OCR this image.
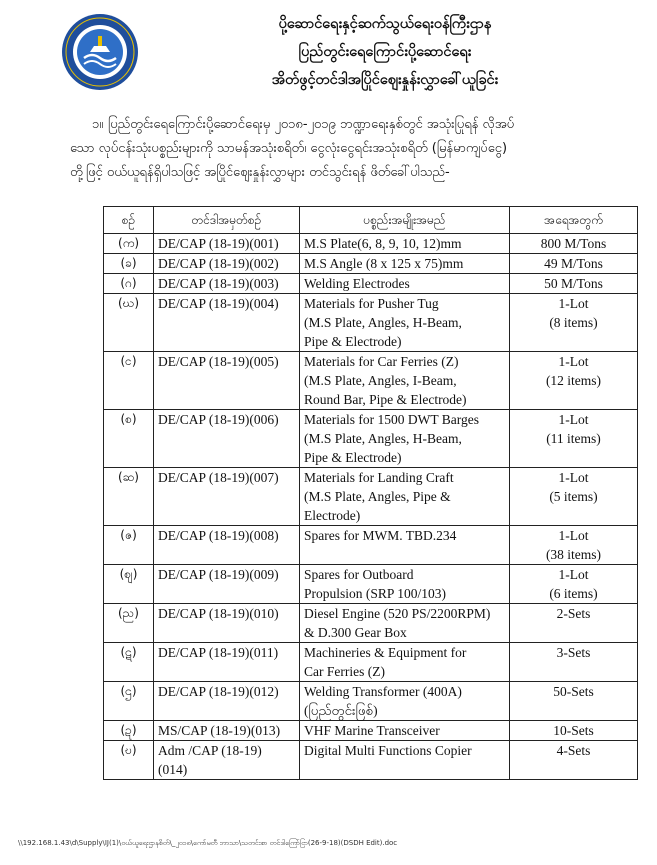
ပို့ဆောင်ရေးနှင့်ဆက်သွယ်ရေးဝန်ကြီးဌာန
ပြည်တွင်းရေကြောင်းပို့ဆောင်ရေး
အိတ်ဖွင့်တင်ဒါအပြိုင်ဈေးနှုန်းလွှာခေါ်ယူခြင်း
၁။ ပြည်တွင်းရေကြောင်းပို့ဆောင်ရေးမှ ၂၀၁၈-၂၀၁၉ ဘဏ္ဍာရေးနှစ်တွင် အသုံးပြုရန် လိုအပ်
သော လုပ်ငန်းသုံးပစ္စည်းများကို သာမန်အသုံးစရိတ်၊ ငွေလုံးငွေရင်းအသုံးစရိတ် (မြန်မာကျပ်ငွေ)
တို့ဖြင့် ဝယ်ယူရန်ရှိပါသဖြင့် အပြိုင်ဈေးနှုန်းလွှာများ တင်သွင်းရန် ဖိတ်ခေါ်ပါသည်-
စဉ်	တင်ဒါအမှတ်စဉ်	ပစ္စည်းအမျိုးအမည်	အရေအတွက်
(က)	DE/CAP (18-19)(001)	M.S Plate(6, 8, 9, 10, 12)mm	800 M/Tons
(ခ)	DE/CAP (18-19)(002)	M.S Angle (8 x 125 x 75)mm	49 M/Tons
(ဂ)	DE/CAP (18-19)(003)	Welding Electrodes	50 M/Tons
(ဃ)	DE/CAP (18-19)(004)	Materials for Pusher Tug
(M.S Plate, Angles, H-Beam,
Pipe & Electrode)	1-Lot
(8 items)
(င)	DE/CAP (18-19)(005)	Materials for Car Ferries (Z)
(M.S Plate, Angles, I-Beam,
Round Bar, Pipe & Electrode)	1-Lot
(12 items)
(စ)	DE/CAP (18-19)(006)	Materials for 1500 DWT Barges
(M.S Plate, Angles, H-Beam,
Pipe & Electrode)	1-Lot
(11 items)
(ဆ)	DE/CAP (18-19)(007)	Materials for Landing Craft
(M.S Plate, Angles, Pipe &
Electrode)	1-Lot
(5 items)
(ဇ)	DE/CAP (18-19)(008)	Spares for MWM. TBD.234	1-Lot
(38 items)
(ဈ)	DE/CAP (18-19)(009)	Spares for Outboard
Propulsion (SRP 100/103)	1-Lot
(6 items)
(ည)	DE/CAP (18-19)(010)	Diesel Engine (520 PS/2200RPM)
& D.300 Gear Box	2-Sets
(ဋ)	DE/CAP (18-19)(011)	Machineries & Equipment for
Car Ferries (Z)	3-Sets
(ဌ)	DE/CAP (18-19)(012)	Welding Transformer (400A)
(ပြည်တွင်းဖြစ်)	50-Sets
(ဍ)	MS/CAP (18-19)(013)	VHF Marine Transceiver	10-Sets
(ဎ)	Adm /CAP (18-19)
(014)	Digital Multi Functions Copier	4-Sets
\\192.168.1.43\d\Supply\IJ(1)\ဝယ်ယူရေးဌာနစိတ်\_၂၀၁၈\ကော်မတီ ဘာသာ\သတင်းစာ တင်ဒါကြော်ငြာ(26-9-18)(DSDH Edit).doc
